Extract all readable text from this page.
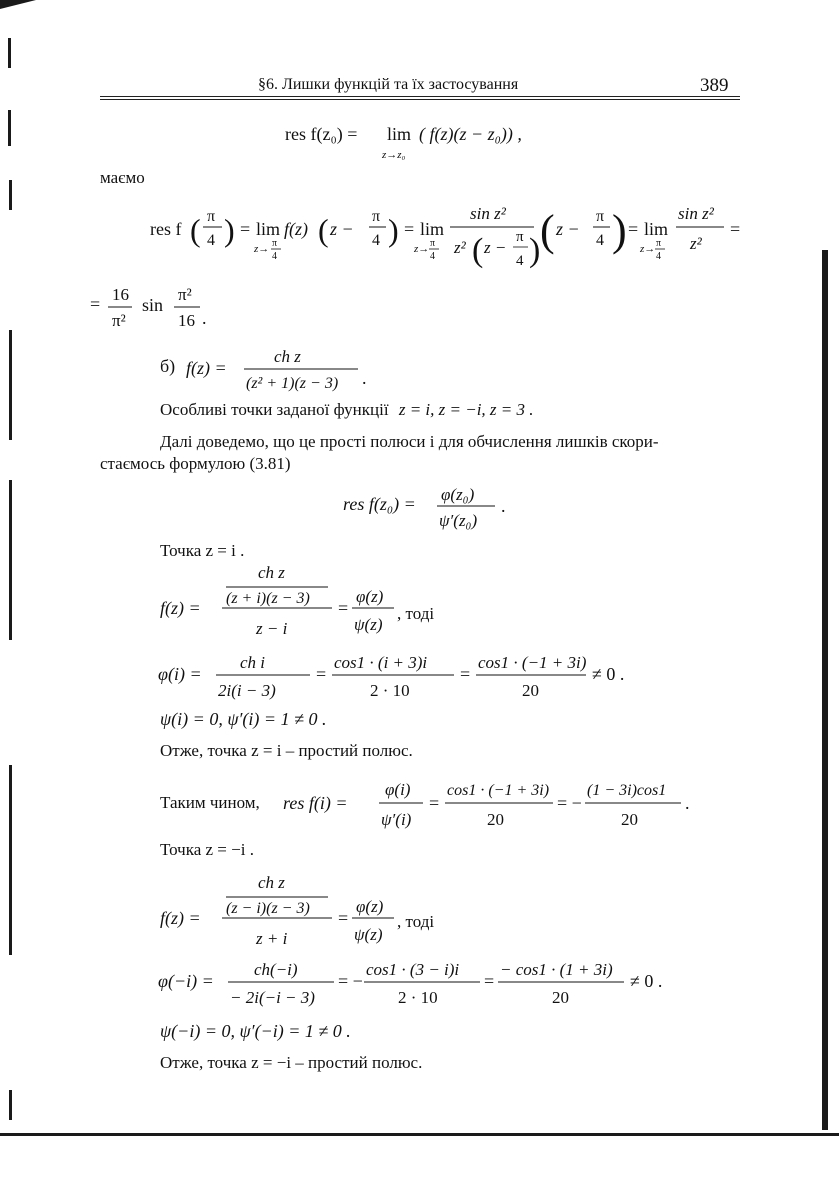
§6. Лишки функцій та їх застосування	389
res f(z₀) = lim
z→z₀
( f(z)(z − z₀)) ,
маємо
res f ( π
4 ) = lim
z→ π
4
f(z) ( z −
π
4 ) = lim
z→ π
4
sin z²
z² ( z −
π
4 ) ( z −
π
4 ) = lim
z→ π
4
sin z²
z²
=
= 16
π²
sin
π²
16 .
б) f(z) =
ch z
(z² + 1)(z − 3) .
Особливі точки заданої функції z = i, z = −i, z = 3 .
Далі доведемо, що це прості полюси і для обчислення лишків скори-
стаємось формулою (3.81)
res f(z₀) = φ(z₀)
ψ′(z₀)
.
Точка z = i .
f(z) =
ch z
(z + i)(z − 3)
z − i
=
φ(z)
ψ(z)
, тоді
φ(i) =
ch i
2i(i − 3)
=
cos1 · (i + 3)i
2 · 10
=
cos1 · (−1 + 3i)
20
≠ 0 .
ψ(i) = 0, ψ′(i) = 1 ≠ 0 .
Отже, точка z = i – простий полюс.
Таким чином, res f(i) =
φ(i)
ψ′(i)
=
cos1 · (−1 + 3i)
20
= −
(1 − 3i)cos1
20
.
Точка z = −i .
f(z) =
ch z
(z − i)(z − 3)
z + i
=
φ(z)
ψ(z)
, тоді
φ(−i) =
ch(−i)
− 2i(−i − 3)
= −
cos1 · (3 − i)i
2 · 10
=
− cos1 · (1 + 3i)
20
≠ 0 .
ψ(−i) = 0, ψ′(−i) = 1 ≠ 0 .
Отже, точка z = −i – простий полюс.
